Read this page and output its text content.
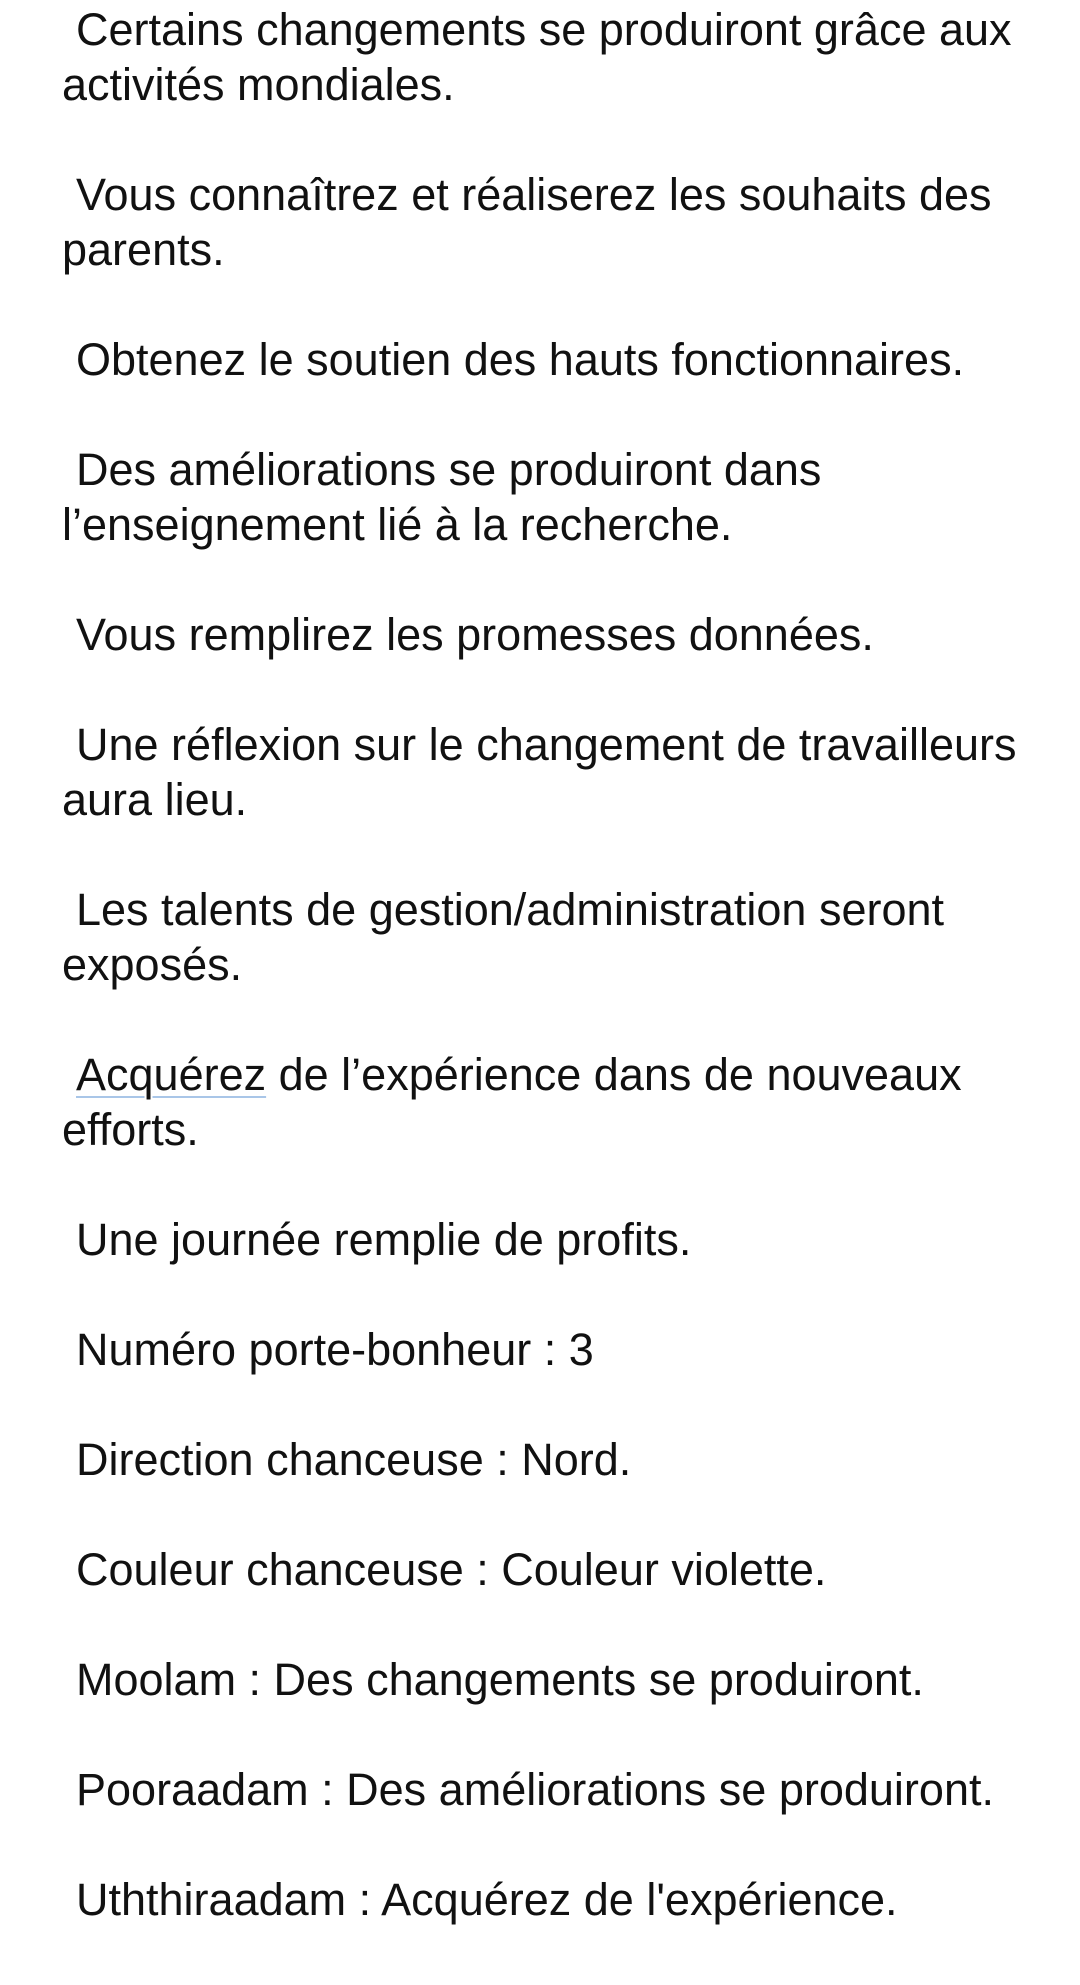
Certains changements se produiront grâce aux activités mondiales.

Vous connaîtrez et réaliserez les souhaits des parents.

Obtenez le soutien des hauts fonctionnaires.

Des améliorations se produiront dans l’enseignement lié à la recherche.

Vous remplirez les promesses données.

Une réflexion sur le changement de travailleurs aura lieu.

Les talents de gestion/administration seront exposés.

Acquérez de l’expérience dans de nouveaux efforts.

Une journée remplie de profits.

Numéro porte-bonheur : 3

Direction chanceuse : Nord.

Couleur chanceuse : Couleur violette.

Moolam : Des changements se produiront.

Pooraadam : Des améliorations se produiront.

Uththiraadam : Acquérez de l'expérience.
